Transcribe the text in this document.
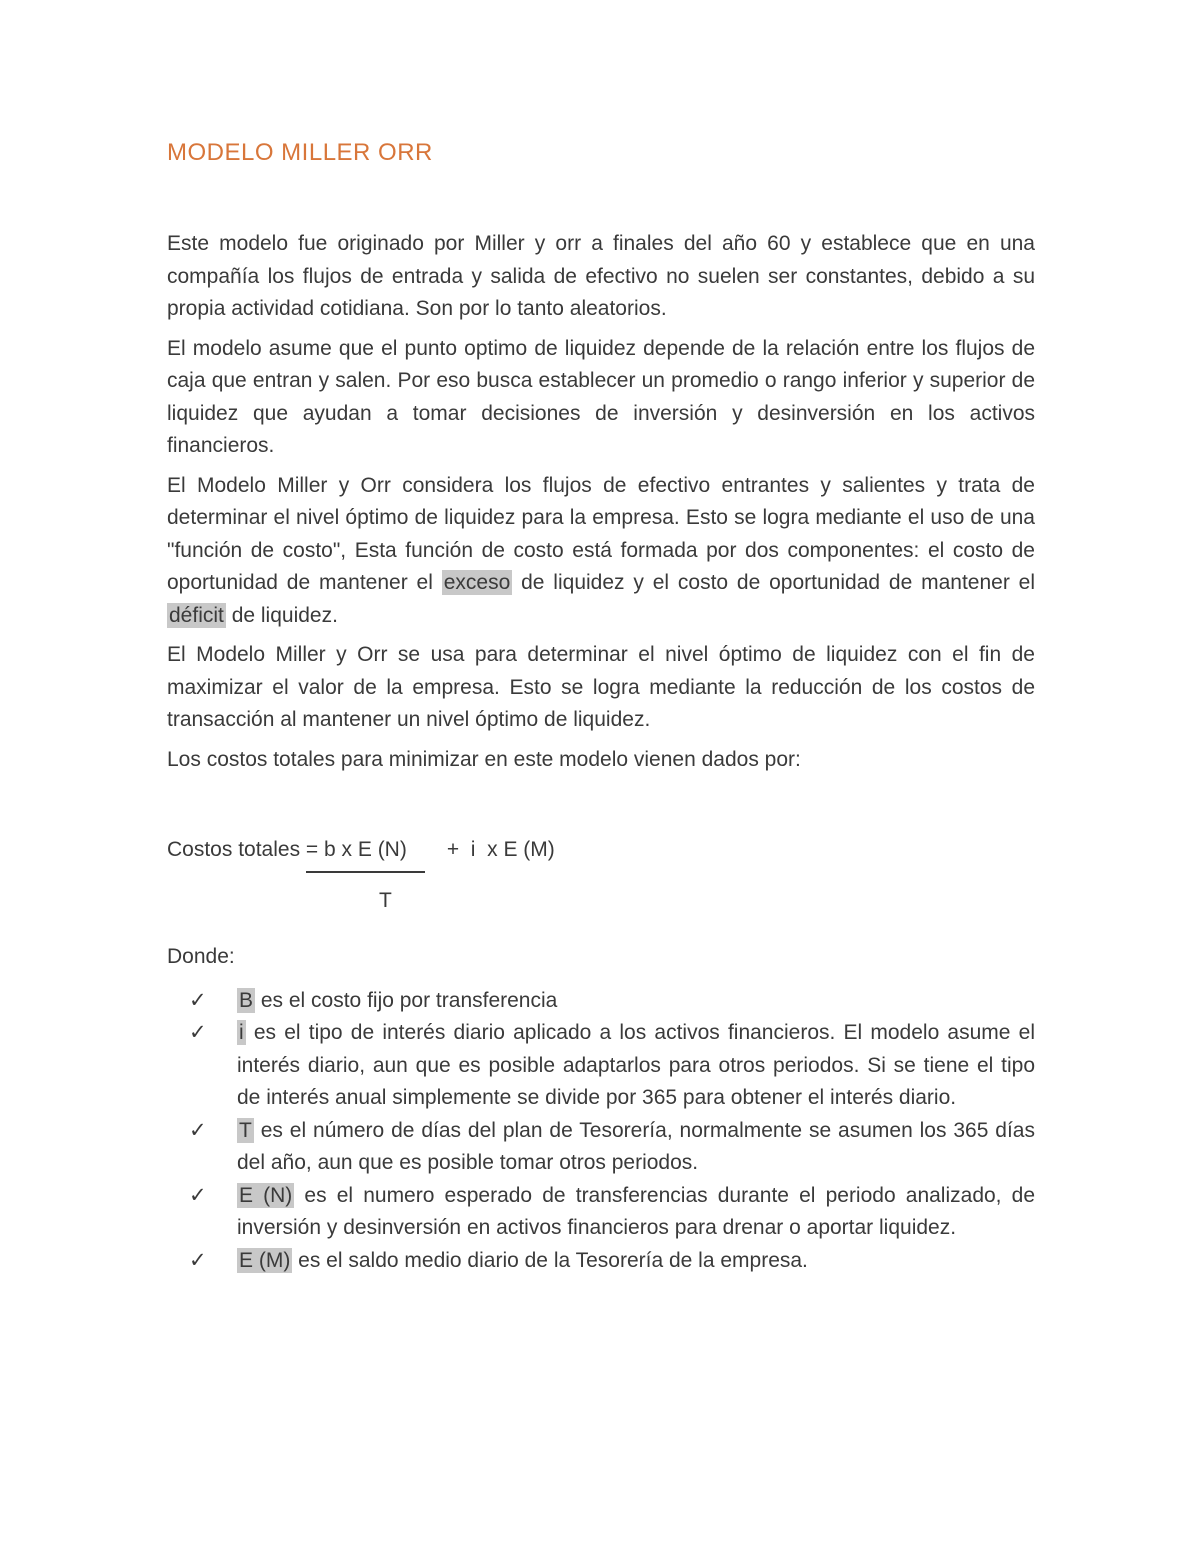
MODELO MILLER ORR

Este modelo fue originado por Miller y orr a finales del año 60 y establece que en una compañía los flujos de entrada y salida de efectivo no suelen ser constantes, debido a su propia actividad cotidiana. Son por lo tanto aleatorios.

El modelo asume que el punto optimo de liquidez depende de la relación entre los flujos de caja que entran y salen. Por eso busca establecer un promedio o rango inferior y superior de liquidez que ayudan a tomar decisiones de inversión y desinversión en los activos financieros.

El Modelo Miller y Orr considera los flujos de efectivo entrantes y salientes y trata de determinar el nivel óptimo de liquidez para la empresa. Esto se logra mediante el uso de una "función de costo", Esta función de costo está formada por dos componentes: el costo de oportunidad de mantener el exceso de liquidez y el costo de oportunidad de mantener el déficit de liquidez.

El Modelo Miller y Orr se usa para determinar el nivel óptimo de liquidez con el fin de maximizar el valor de la empresa. Esto se logra mediante la reducción de los costos de transacción al mantener un nivel óptimo de liquidez.

Los costos totales para minimizar en este modelo vienen dados por:

Costos totales = b x E (N) +  i  x E (M)
T

Donde:

✓	B es el costo fijo por transferencia
✓	i es el tipo de interés diario aplicado a los activos financieros. El modelo asume el interés diario, aun que es posible adaptarlos para otros periodos. Si se tiene el tipo de interés anual simplemente se divide por 365 para obtener el interés diario.
✓	T es el número de días del plan de Tesorería, normalmente se asumen los 365 días del año, aun que es posible tomar otros periodos.
✓	E (N) es el numero esperado de transferencias durante el periodo analizado, de inversión y desinversión en activos financieros para drenar o aportar liquidez.
✓	E (M) es el saldo medio diario de la Tesorería de la empresa.
